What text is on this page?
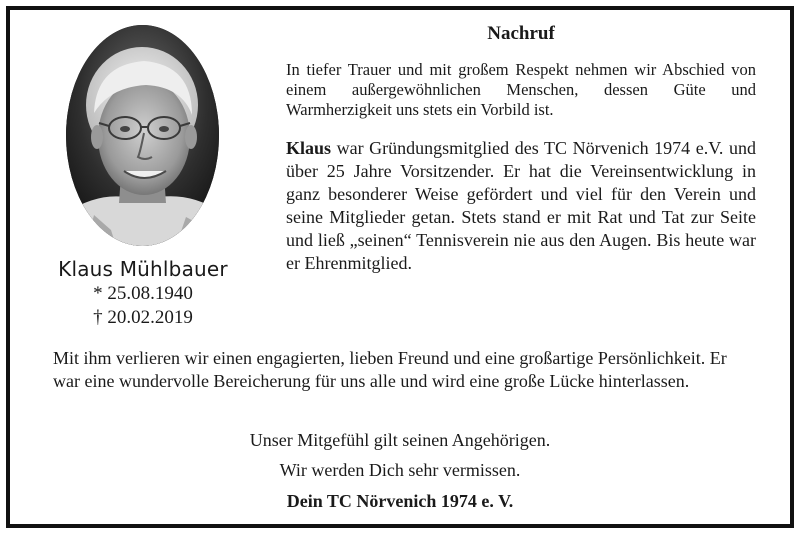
Klaus Mühlbauer
* 25.08.1940
† 20.02.2019
Nachruf

In tiefer Trauer und mit großem Respekt nehmen wir Abschied von einem außergewöhnlichen Menschen, dessen Güte und Warmherzigkeit uns stets ein Vorbild ist.

Klaus war Gründungsmitglied des TC Nörvenich 1974 e.V. und über 25 Jahre Vorsitzender. Er hat die Vereinsentwicklung in ganz besonderer Weise gefördert und viel für den Verein und seine Mitglieder getan. Stets stand er mit Rat und Tat zur Seite und ließ „seinen“ Tennisverein nie aus den Augen. Bis heute war er Ehrenmitglied.

Mit ihm verlieren wir einen engagierten, lieben Freund und eine großartige Persönlichkeit. Er war eine wundervolle Bereicherung für uns alle und wird eine große Lücke hinterlassen.

Unser Mitgefühl gilt seinen Angehörigen.
Wir werden Dich sehr vermissen.
Dein TC Nörvenich 1974 e. V.
